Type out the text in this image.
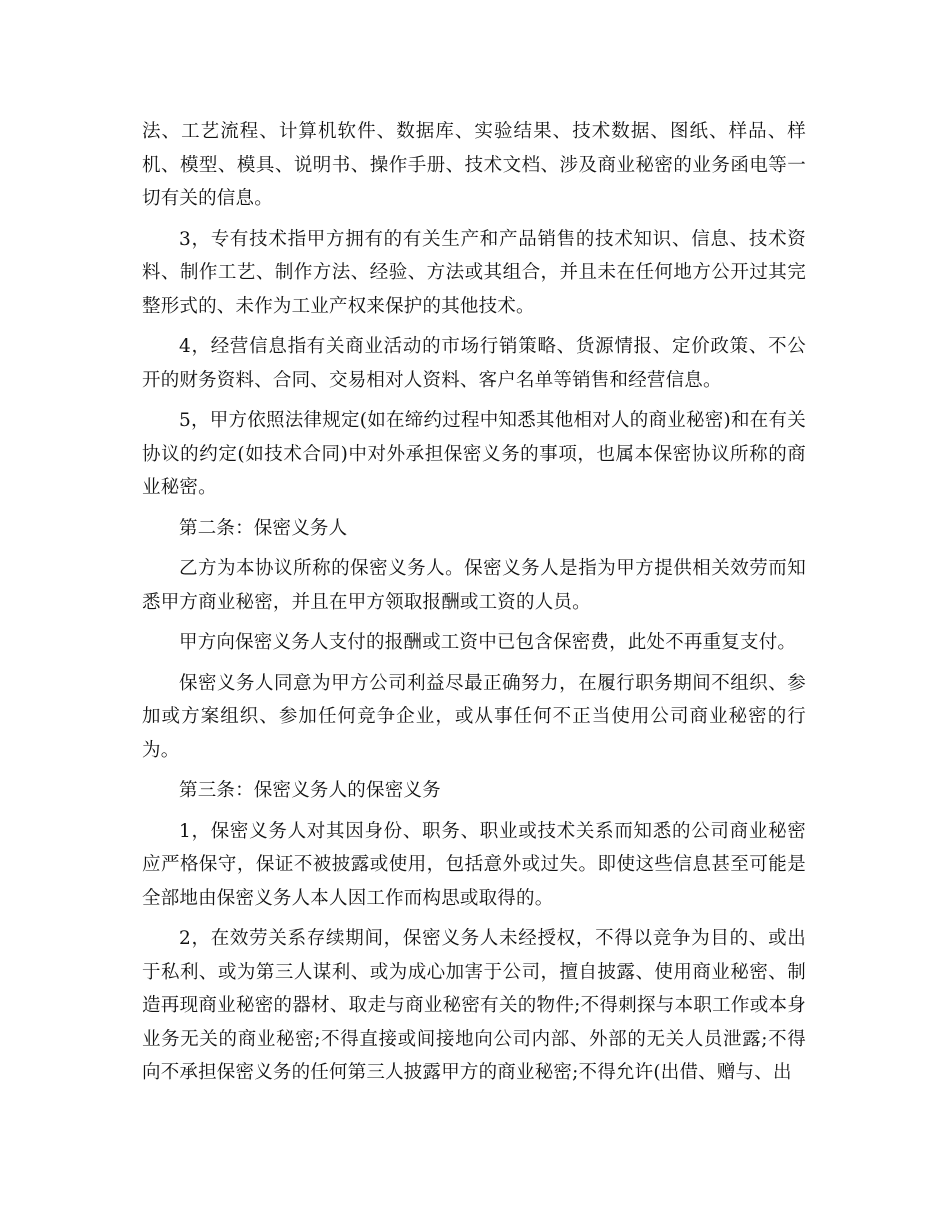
法、工艺流程、计算机软件、数据库、实验结果、技术数据、图纸、样品、样机、模型、模具、说明书、操作手册、技术文档、涉及商业秘密的业务函电等一切有关的信息。

3，专有技术指甲方拥有的有关生产和产品销售的技术知识、信息、技术资料、制作工艺、制作方法、经验、方法或其组合，并且未在任何地方公开过其完整形式的、未作为工业产权来保护的其他技术。

4，经营信息指有关商业活动的市场行销策略、货源情报、定价政策、不公开的财务资料、合同、交易相对人资料、客户名单等销售和经营信息。

5，甲方依照法律规定(如在缔约过程中知悉其他相对人的商业秘密)和在有关协议的约定(如技术合同)中对外承担保密义务的事项，也属本保密协议所称的商业秘密。

第二条：保密义务人

乙方为本协议所称的保密义务人。保密义务人是指为甲方提供相关效劳而知悉甲方商业秘密，并且在甲方领取报酬或工资的人员。

甲方向保密义务人支付的报酬或工资中已包含保密费，此处不再重复支付。

保密义务人同意为甲方公司利益尽最正确努力，在履行职务期间不组织、参加或方案组织、参加任何竞争企业，或从事任何不正当使用公司商业秘密的行为。

第三条：保密义务人的保密义务

1，保密义务人对其因身份、职务、职业或技术关系而知悉的公司商业秘密应严格保守，保证不被披露或使用，包括意外或过失。即使这些信息甚至可能是全部地由保密义务人本人因工作而构思或取得的。

2，在效劳关系存续期间，保密义务人未经授权，不得以竞争为目的、或出于私利、或为第三人谋利、或为成心加害于公司，擅自披露、使用商业秘密、制造再现商业秘密的器材、取走与商业秘密有关的物件;不得刺探与本职工作或本身业务无关的商业秘密;不得直接或间接地向公司内部、外部的无关人员泄露;不得向不承担保密义务的任何第三人披露甲方的商业秘密;不得允许(出借、赠与、出
